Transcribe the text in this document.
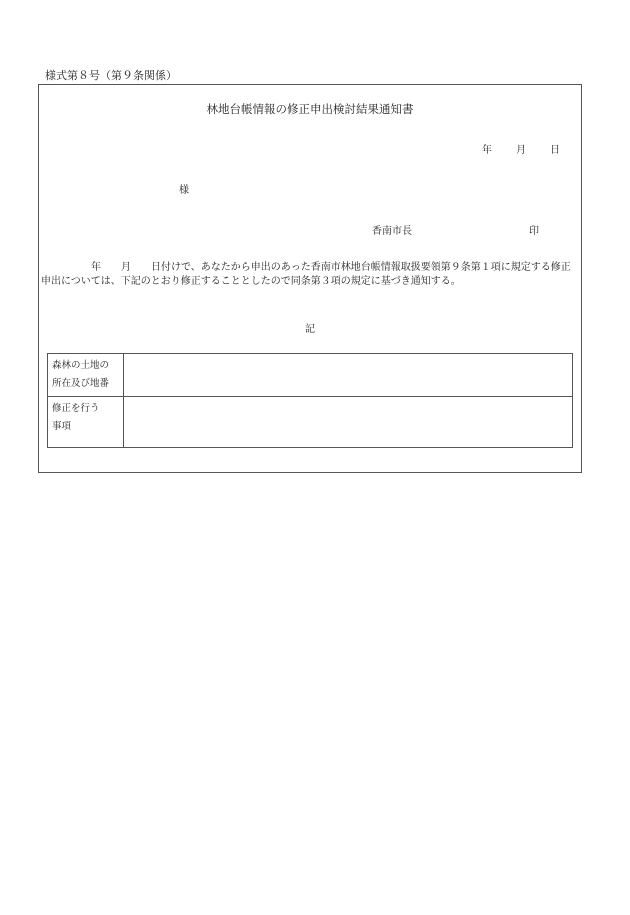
様式第８号（第９条関係）
林地台帳情報の修正申出検討結果通知書
年 月 日
様
香南市長	印
　　　　　年　　月　　日付けで、あなたから申出のあった香南市林地台帳情報取扱要領第９条第１項に規定する修正申出については、下記のとおり修正することとしたので同条第３項の規定に基づき通知する。
記
森林の土地の
所在及び地番	

修正を行う
事項	
